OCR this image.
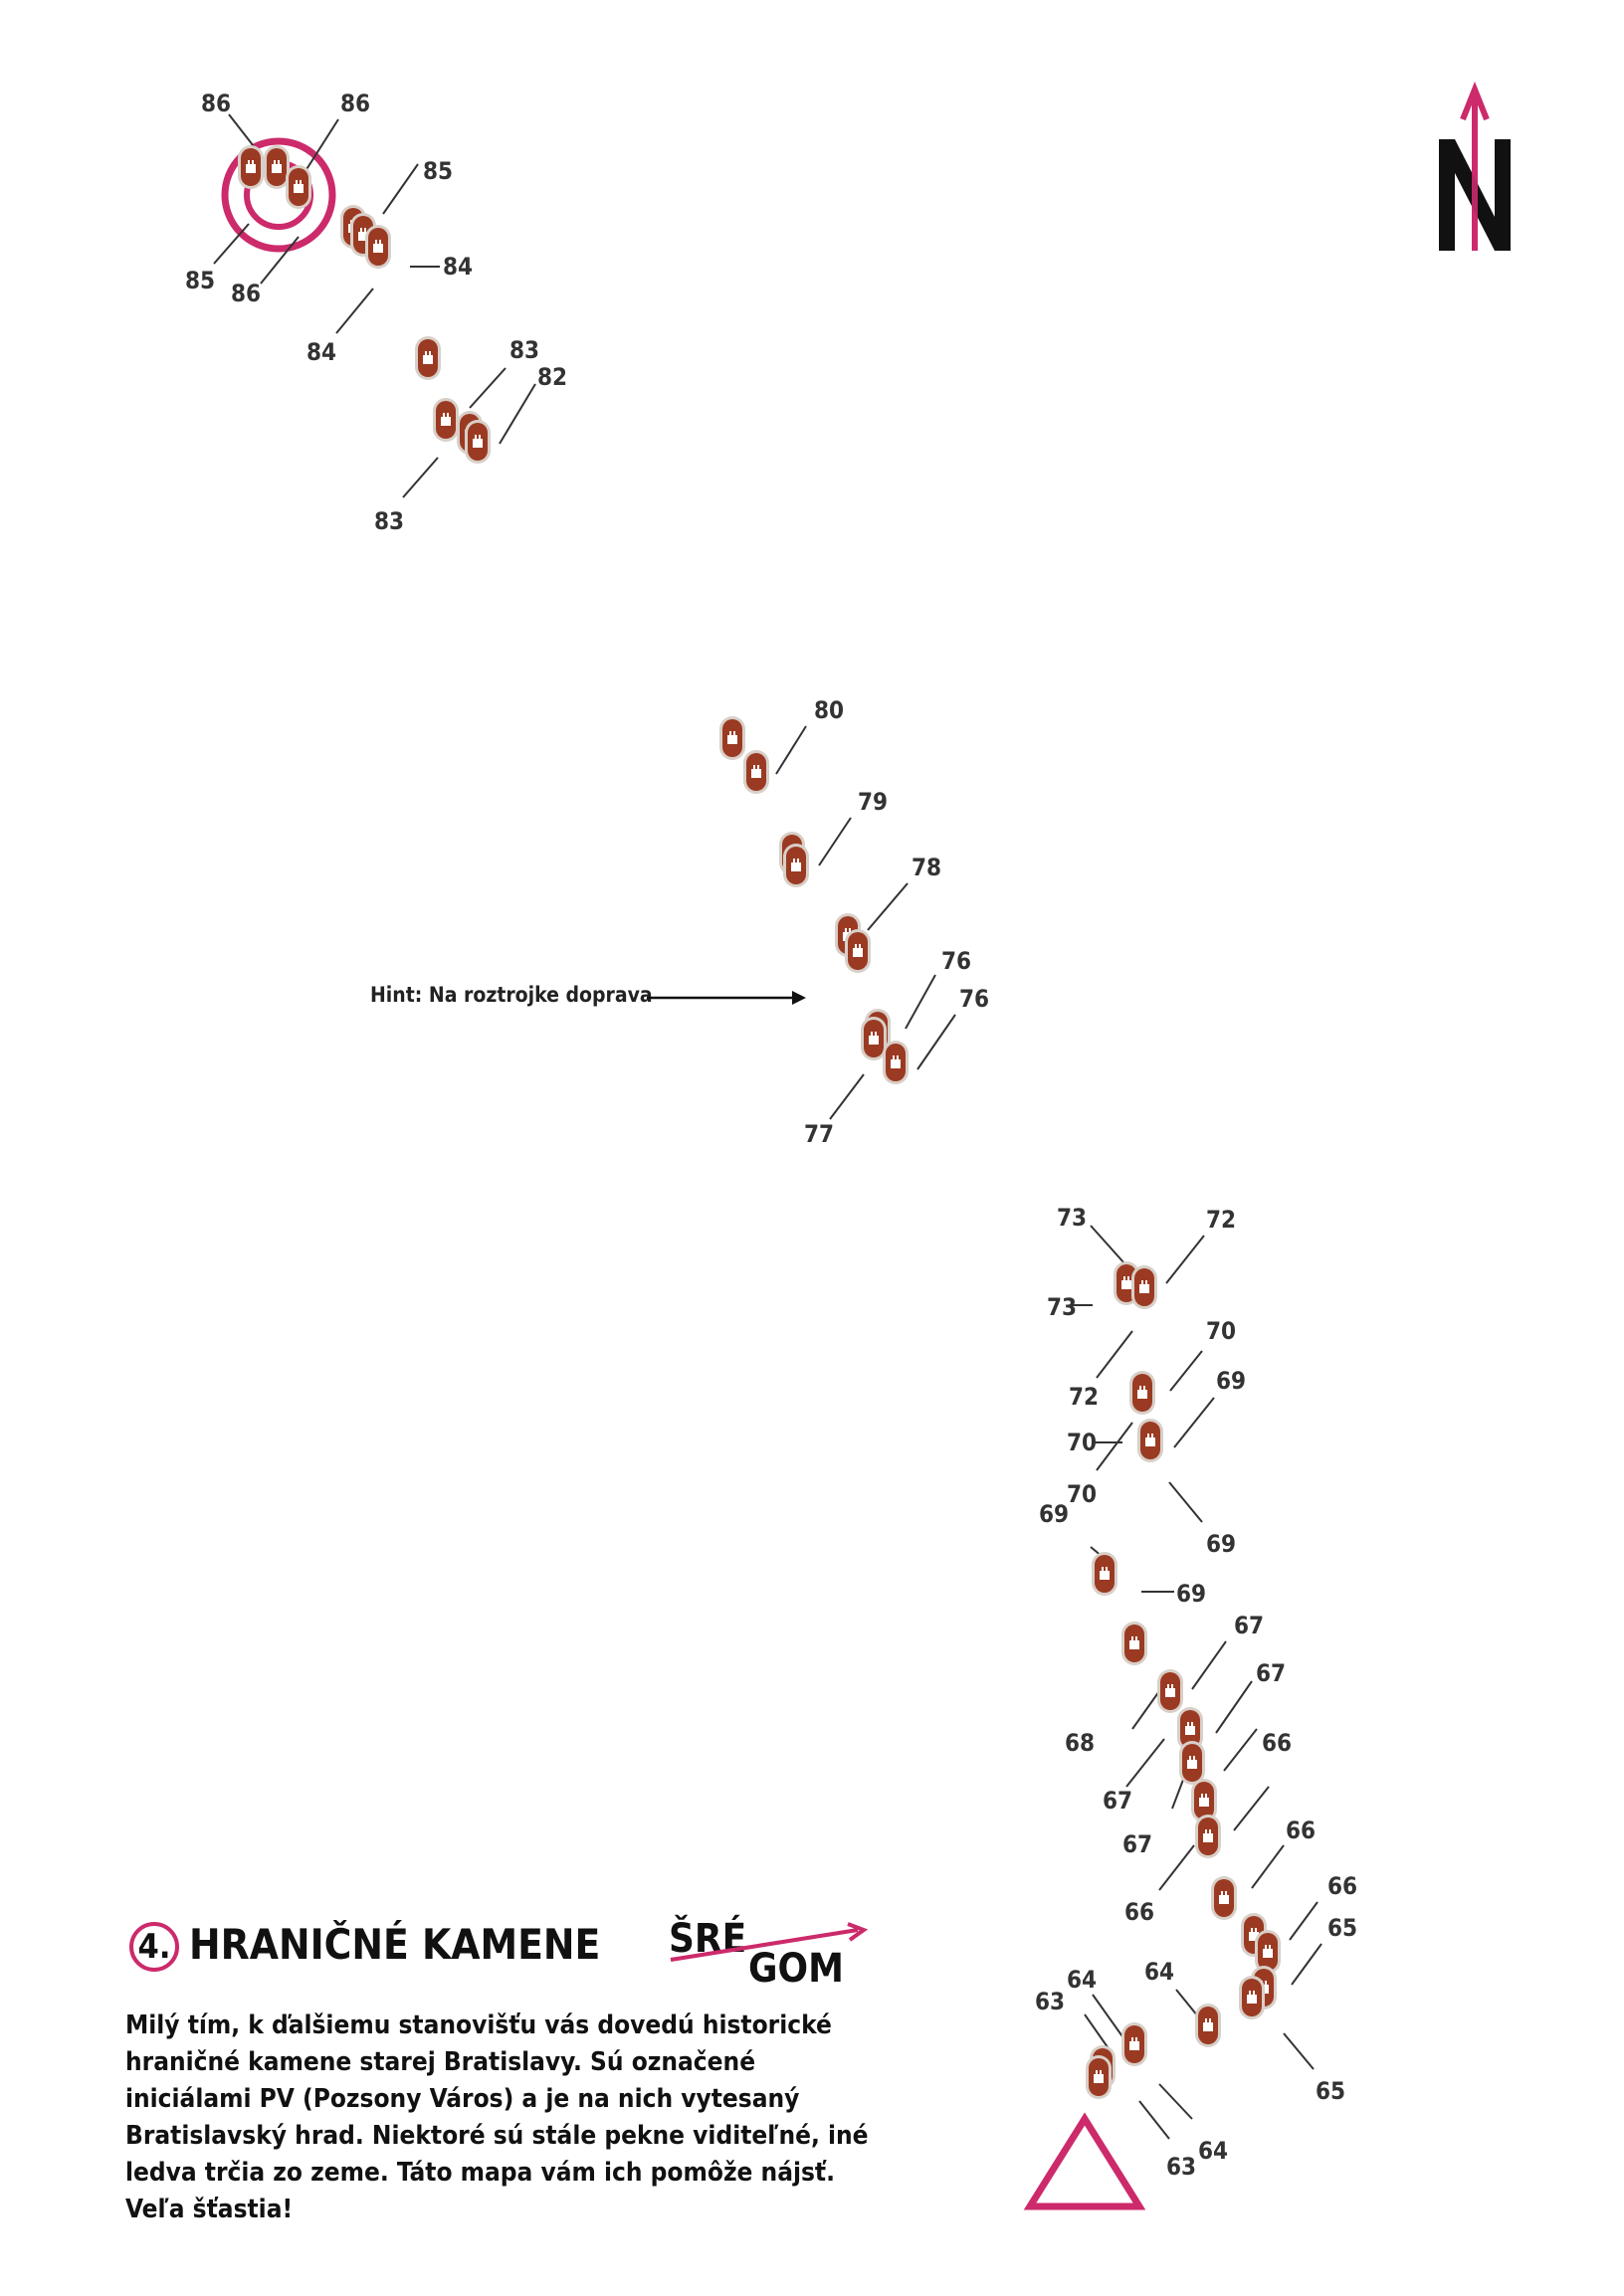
86	86
85
85 86
84
84	83
82
83
80
79
78
76
76
77
73	72
73
72
70
69
70
70
69
69
69
67
67
68
67
66
67	66
66
66
65
64 64
63
65
64
63
Hint: Na roztrojke doprava
ŠRÉ
GOM
4. HRANIČNÉ KAMENE
Milý tím, k ďalšiemu stanovišťu vás dovedú historické hraničné kamene starej Bratislavy. Sú označené iniciálami PV (Pozsony Város) a je na nich vytesaný Bratislavský hrad. Niektoré sú stále pekne viditeľné, iné ledva trčia zo zeme. Táto mapa vám ich pomôže nájsť. Veľa šťastia!
